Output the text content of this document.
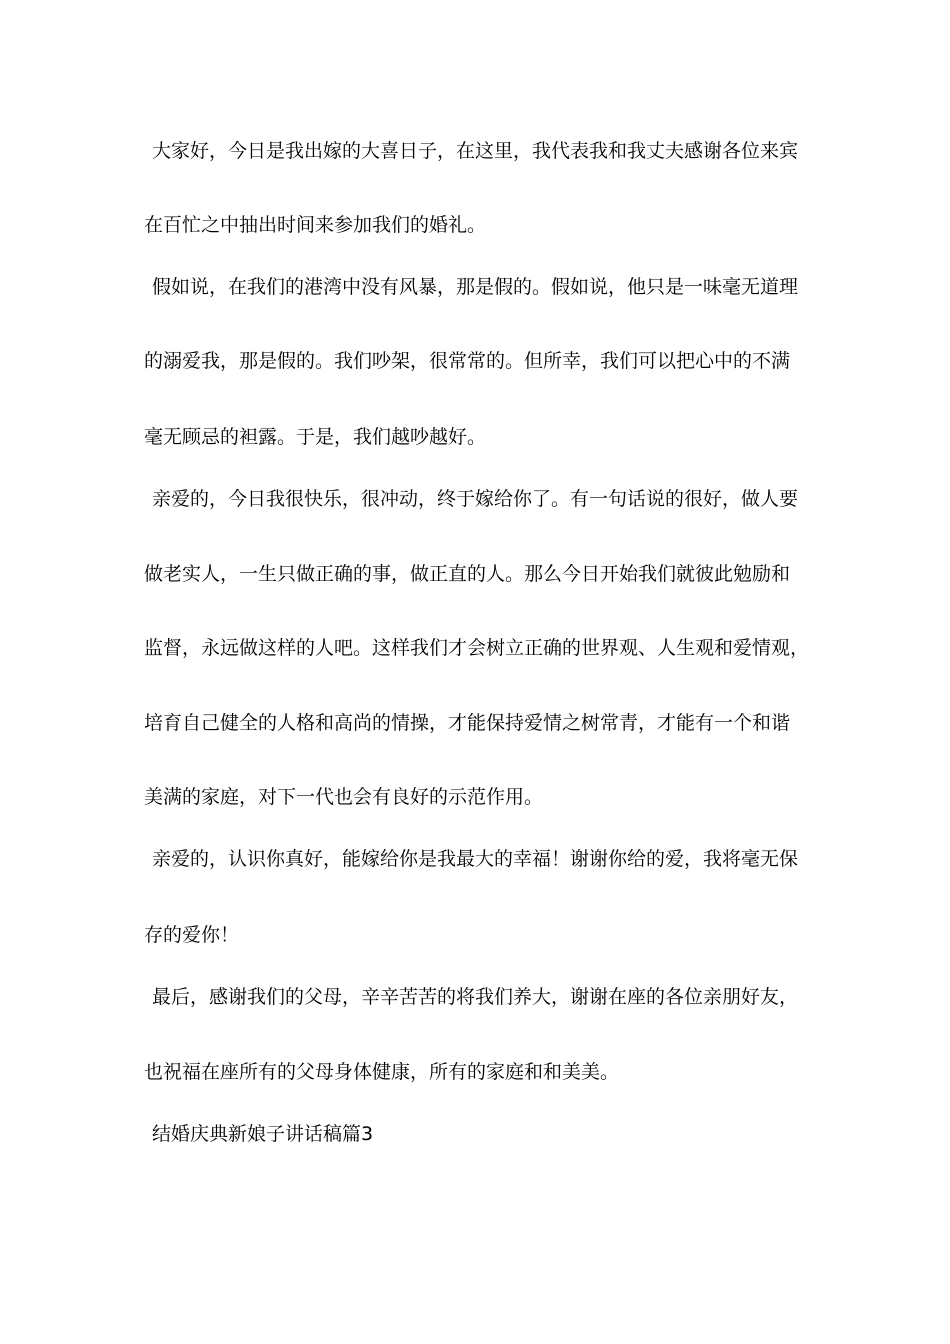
大家好，今日是我出嫁的大喜日子，在这里，我代表我和我丈夫感谢各位来宾
在百忙之中抽出时间来参加我们的婚礼。
假如说，在我们的港湾中没有风暴，那是假的。假如说，他只是一味毫无道理
的溺爱我，那是假的。我们吵架，很常常的。但所幸，我们可以把心中的不满
毫无顾忌的袒露。于是，我们越吵越好。
亲爱的，今日我很快乐，很冲动，终于嫁给你了。有一句话说的很好，做人要
做老实人，一生只做正确的事，做正直的人。那么今日开始我们就彼此勉励和
监督，永远做这样的人吧。这样我们才会树立正确的世界观、人生观和爱情观，
培育自己健全的人格和高尚的情操，才能保持爱情之树常青，才能有一个和谐
美满的家庭，对下一代也会有良好的示范作用。
亲爱的，认识你真好，能嫁给你是我最大的幸福！谢谢你给的爱，我将毫无保
存的爱你！
最后，感谢我们的父母，辛辛苦苦的将我们养大，谢谢在座的各位亲朋好友，
也祝福在座所有的父母身体健康，所有的家庭和和美美。
结婚庆典新娘子讲话稿篇3
